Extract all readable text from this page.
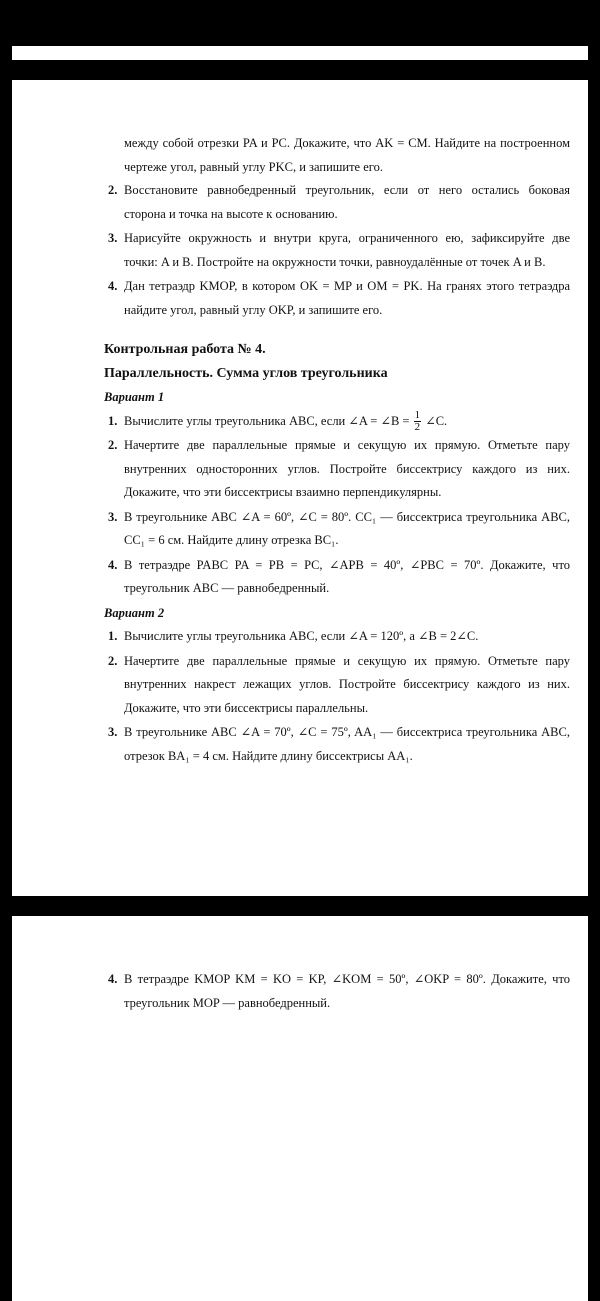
между собой отрезки PA и PC. Докажите, что AK = CM. Найдите на построенном чертеже угол, равный углу PKC, и запишите его.
2. Восстановите равнобедренный треугольник, если от него остались боковая сторона и точка на высоте к основанию.
3. Нарисуйте окружность и внутри круга, ограниченного ею, зафиксируйте две точки: A и B. Постройте на окружности точки, равноудалённые от точек A и B.
4. Дан тетраэдр KMOP, в котором OK = MP и OM = PK. На гранях этого тетраэдра найдите угол, равный углу OKP, и запишите его.
Контрольная работа № 4.
Параллельность. Сумма углов треугольника
Вариант 1
1. Вычислите углы треугольника ABC, если ∠A = ∠B = $\frac{1}{2}$ ∠C.
2. Начертите две параллельные прямые и секущую их прямую. Отметьте пару внутренних односторонних углов. Постройте биссектрису каждого из них. Докажите, что эти биссектрисы взаимно перпендикулярны.
3. В треугольнике ABC ∠A = 60º, ∠C = 80º. CC₁ — биссектриса треугольника ABC, CC₁ = 6 см. Найдите длину отрезка BC₁.
4. В тетраэдре PABC PA = PB = PC, ∠APB = 40º, ∠PBC = 70º. Докажите, что треугольник ABC — равнобедренный.
Вариант 2
1. Вычислите углы треугольника ABC, если ∠A = 120º, а ∠B = 2∠C.
2. Начертите две параллельные прямые и секущую их прямую. Отметьте пару внутренних накрест лежащих углов. Постройте биссектрису каждого из них. Докажите, что эти биссектрисы параллельны.
3. В треугольнике ABC ∠A = 70º, ∠C = 75º, AA₁ — биссектриса треугольника ABC, отрезок BA₁ = 4 см. Найдите длину биссектрисы AA₁.
4. В тетраэдре KMOP KM = KO = KP, ∠KOM = 50º, ∠OKP = 80º. Докажите, что треугольник MOP — равнобедренный.
